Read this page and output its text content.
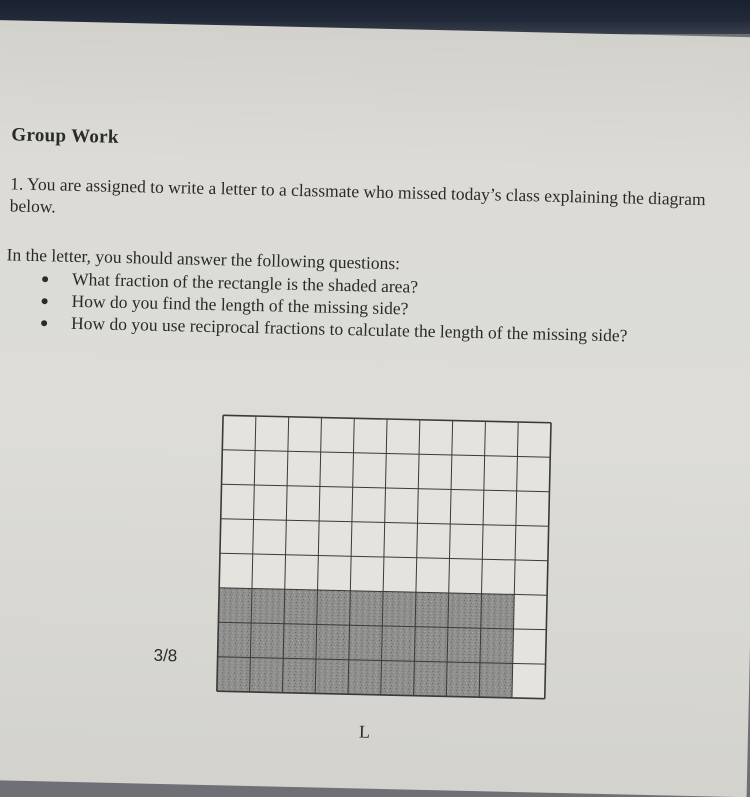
Group Work
1. You are assigned to write a letter to a classmate who missed today’s class explaining the diagram below.
In the letter, you should answer the following questions:
What fraction of the rectangle is the shaded area?
How do you find the length of the missing side?
How do you use reciprocal fractions to calculate the length of the missing side?
3/8
L
